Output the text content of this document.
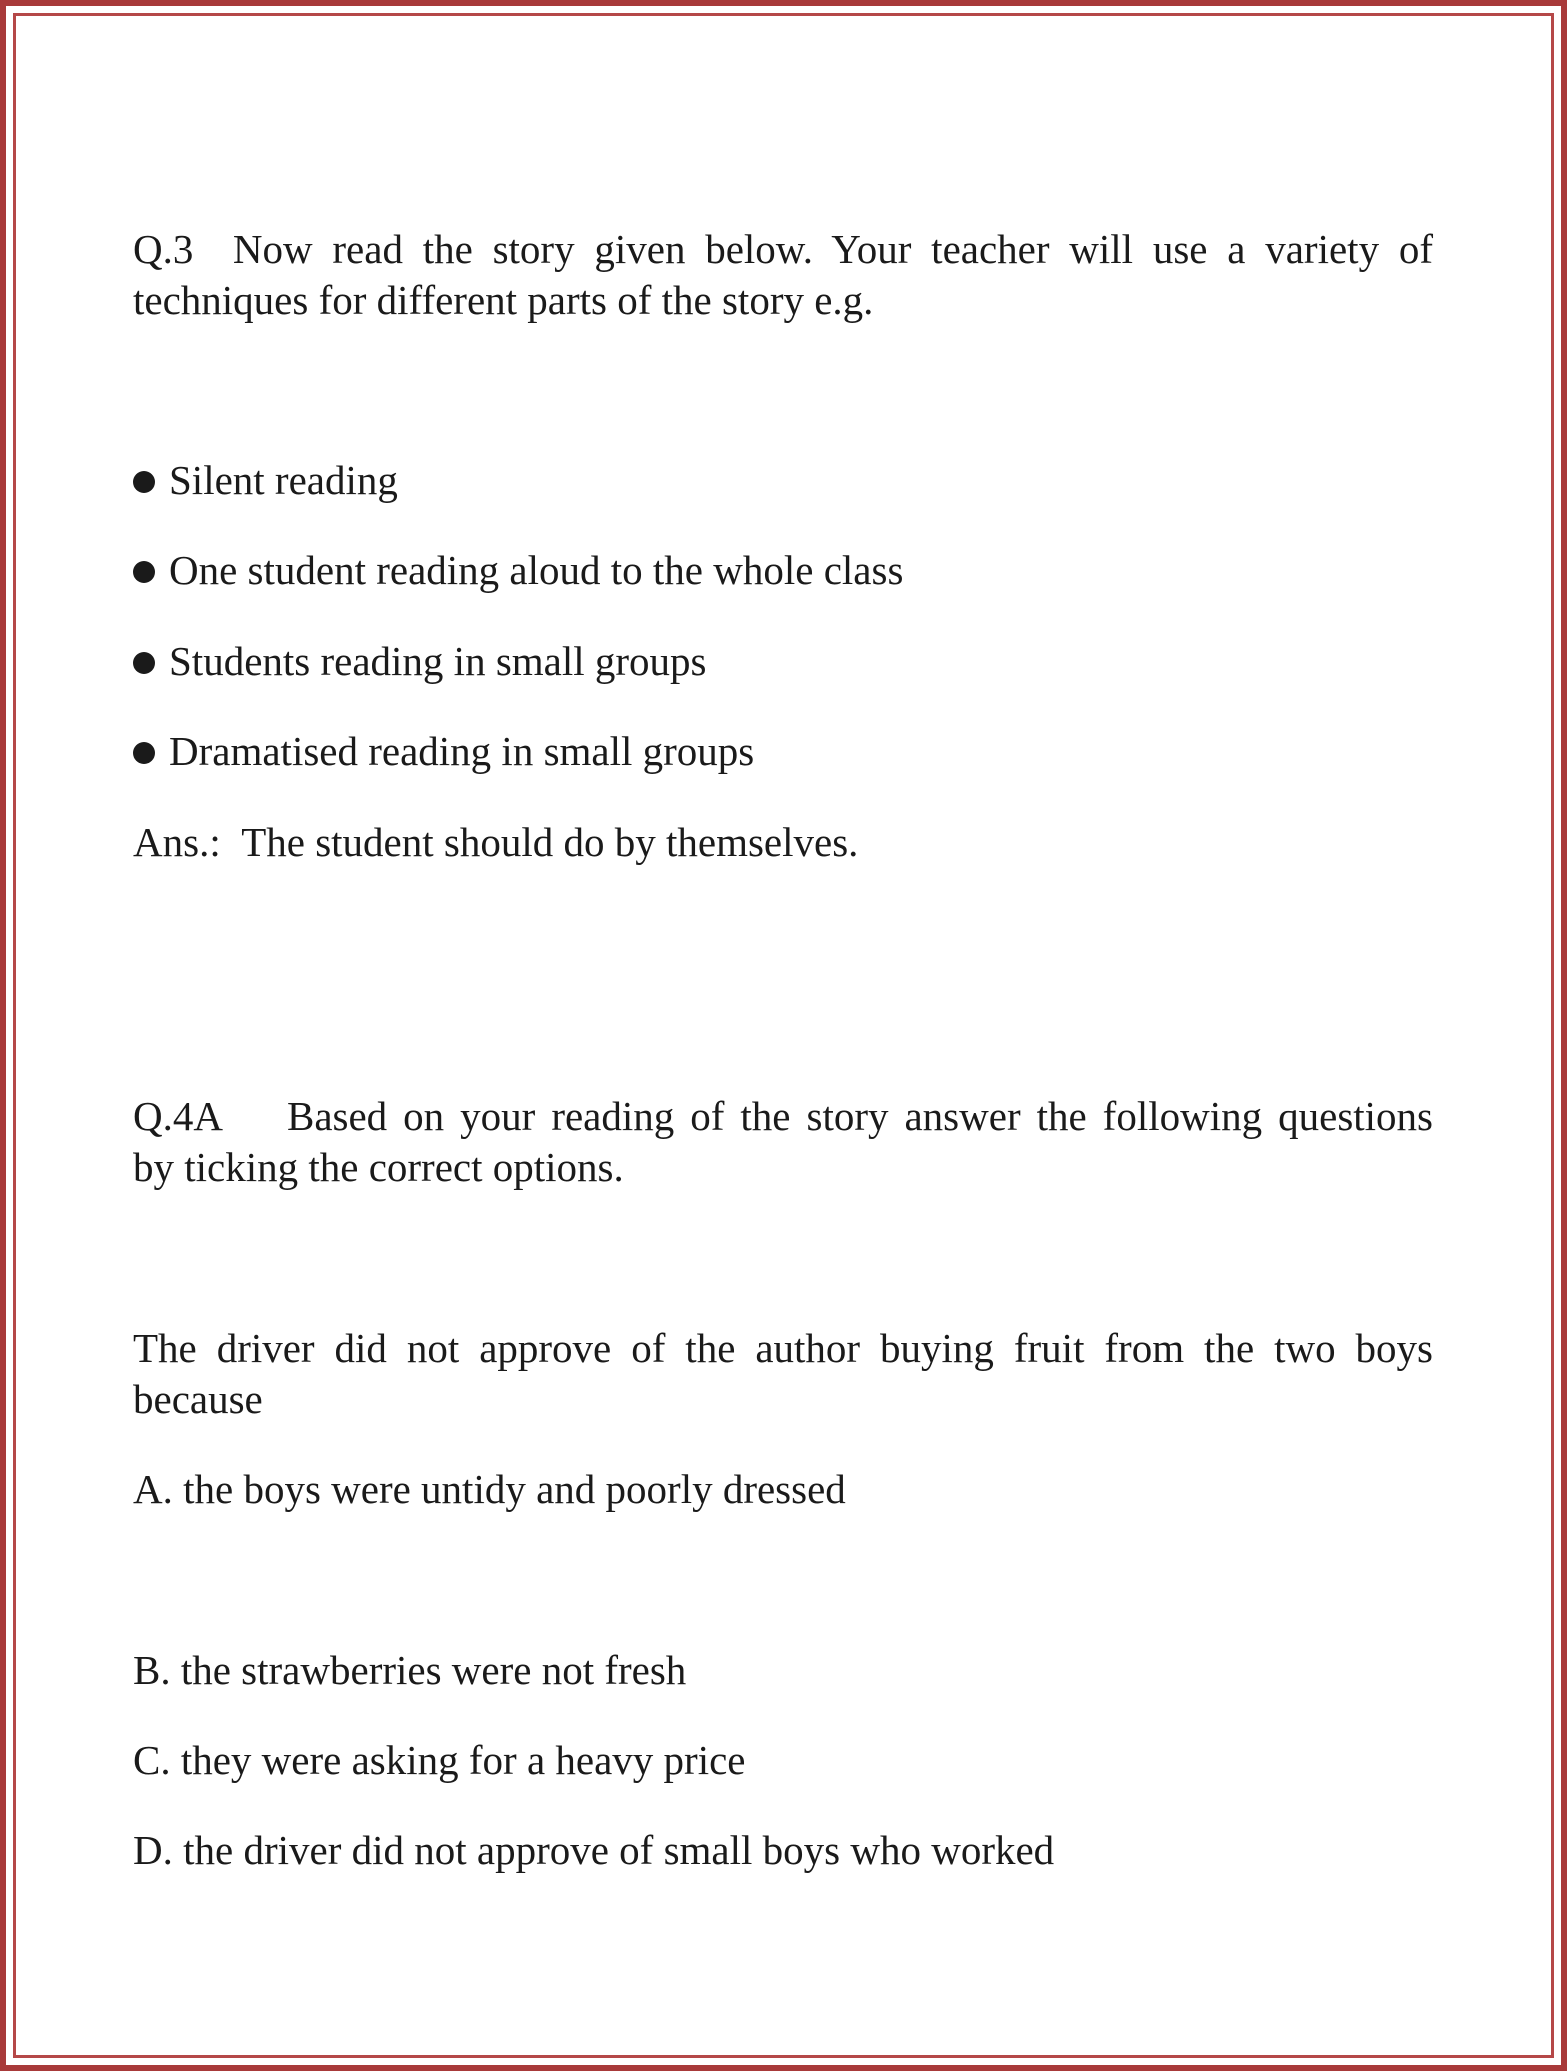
Q.3 Now read the story given below. Your teacher will use a variety of
techniques for different parts of the story e.g.
Silent reading
One student reading aloud to the whole class
Students reading in small groups
Dramatised reading in small groups
Ans.: The student should do by themselves.
Q.4A Based on your reading of the story answer the following questions
by ticking the correct options.
The driver did not approve of the author buying fruit from the two boys
because
A. the boys were untidy and poorly dressed
B. the strawberries were not fresh
C. they were asking for a heavy price
D. the driver did not approve of small boys who worked
